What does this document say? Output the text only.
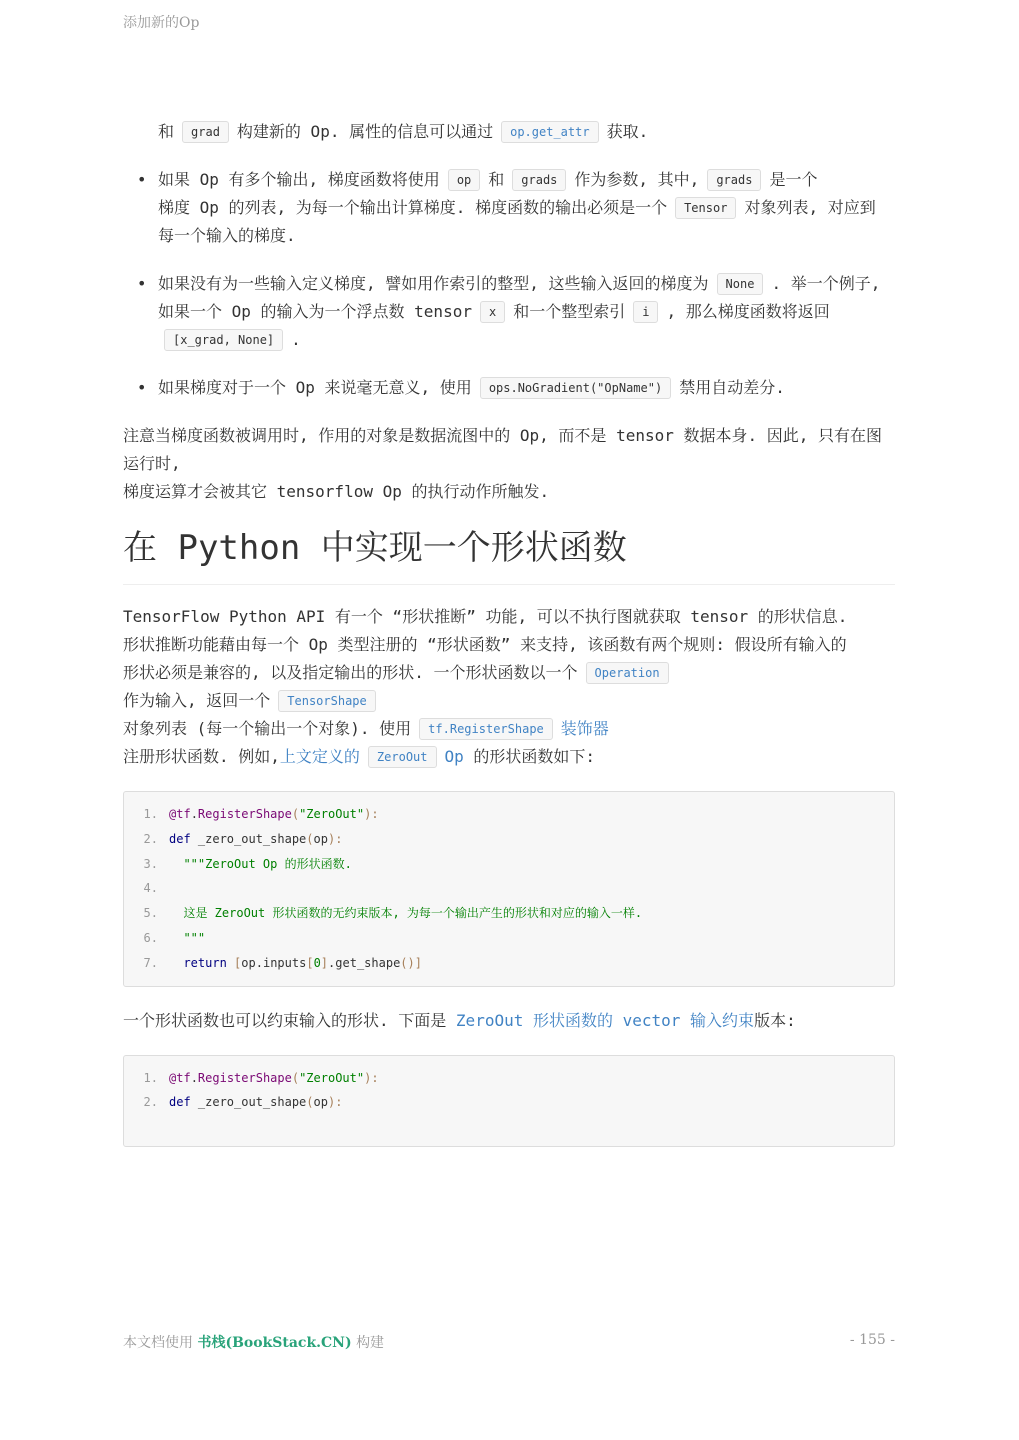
添加新的Op
和 grad 构建新的 Op. 属性的信息可以通过 op.get_attr 获取.
• 如果 Op 有多个输出, 梯度函数将使用 op 和 grads 作为参数, 其中, grads 是一个
梯度 Op 的列表, 为每一个输出计算梯度. 梯度函数的输出必须是一个 Tensor 对象列表, 对应到
每一个输入的梯度.
• 如果没有为一些输入定义梯度, 譬如用作索引的整型, 这些输入返回的梯度为 None . 举一个例子,
如果一个 Op 的输入为一个浮点数 tensor x 和一个整型索引 i , 那么梯度函数将返回
[x_grad, None] .
• 如果梯度对于一个 Op 来说毫无意义, 使用 ops.NoGradient("OpName") 禁用自动差分.

注意当梯度函数被调用时, 作用的对象是数据流图中的 Op, 而不是 tensor 数据本身. 因此, 只有在图运行时,
梯度运算才会被其它 tensorflow Op 的执行动作所触发.

在 Python 中实现一个形状函数

TensorFlow Python API 有一个 “形状推断” 功能, 可以不执行图就获取 tensor 的形状信息.
形状推断功能藉由每一个 Op 类型注册的 “形状函数” 来支持, 该函数有两个规则: 假设所有输入的
形状必须是兼容的, 以及指定输出的形状. 一个形状函数以一个 Operation
作为输入, 返回一个 TensorShape
对象列表 (每一个输出一个对象). 使用 tf.RegisterShape 装饰器
注册形状函数. 例如,上文定义的 ZeroOut Op 的形状函数如下:

1. @tf.RegisterShape("ZeroOut"):
2. def _zero_out_shape(op):
3. """ZeroOut Op 的形状函数.
4.
5. 这是 ZeroOut 形状函数的无约束版本, 为每一个输出产生的形状和对应的输入一样.
6. """
7. return [op.inputs[0].get_shape()]

一个形状函数也可以约束输入的形状. 下面是 ZeroOut 形状函数的 vector 输入约束版本:

1. @tf.RegisterShape("ZeroOut"):
2. def _zero_out_shape(op):
本文档使用 书栈(BookStack.CN) 构建	- 155 -
